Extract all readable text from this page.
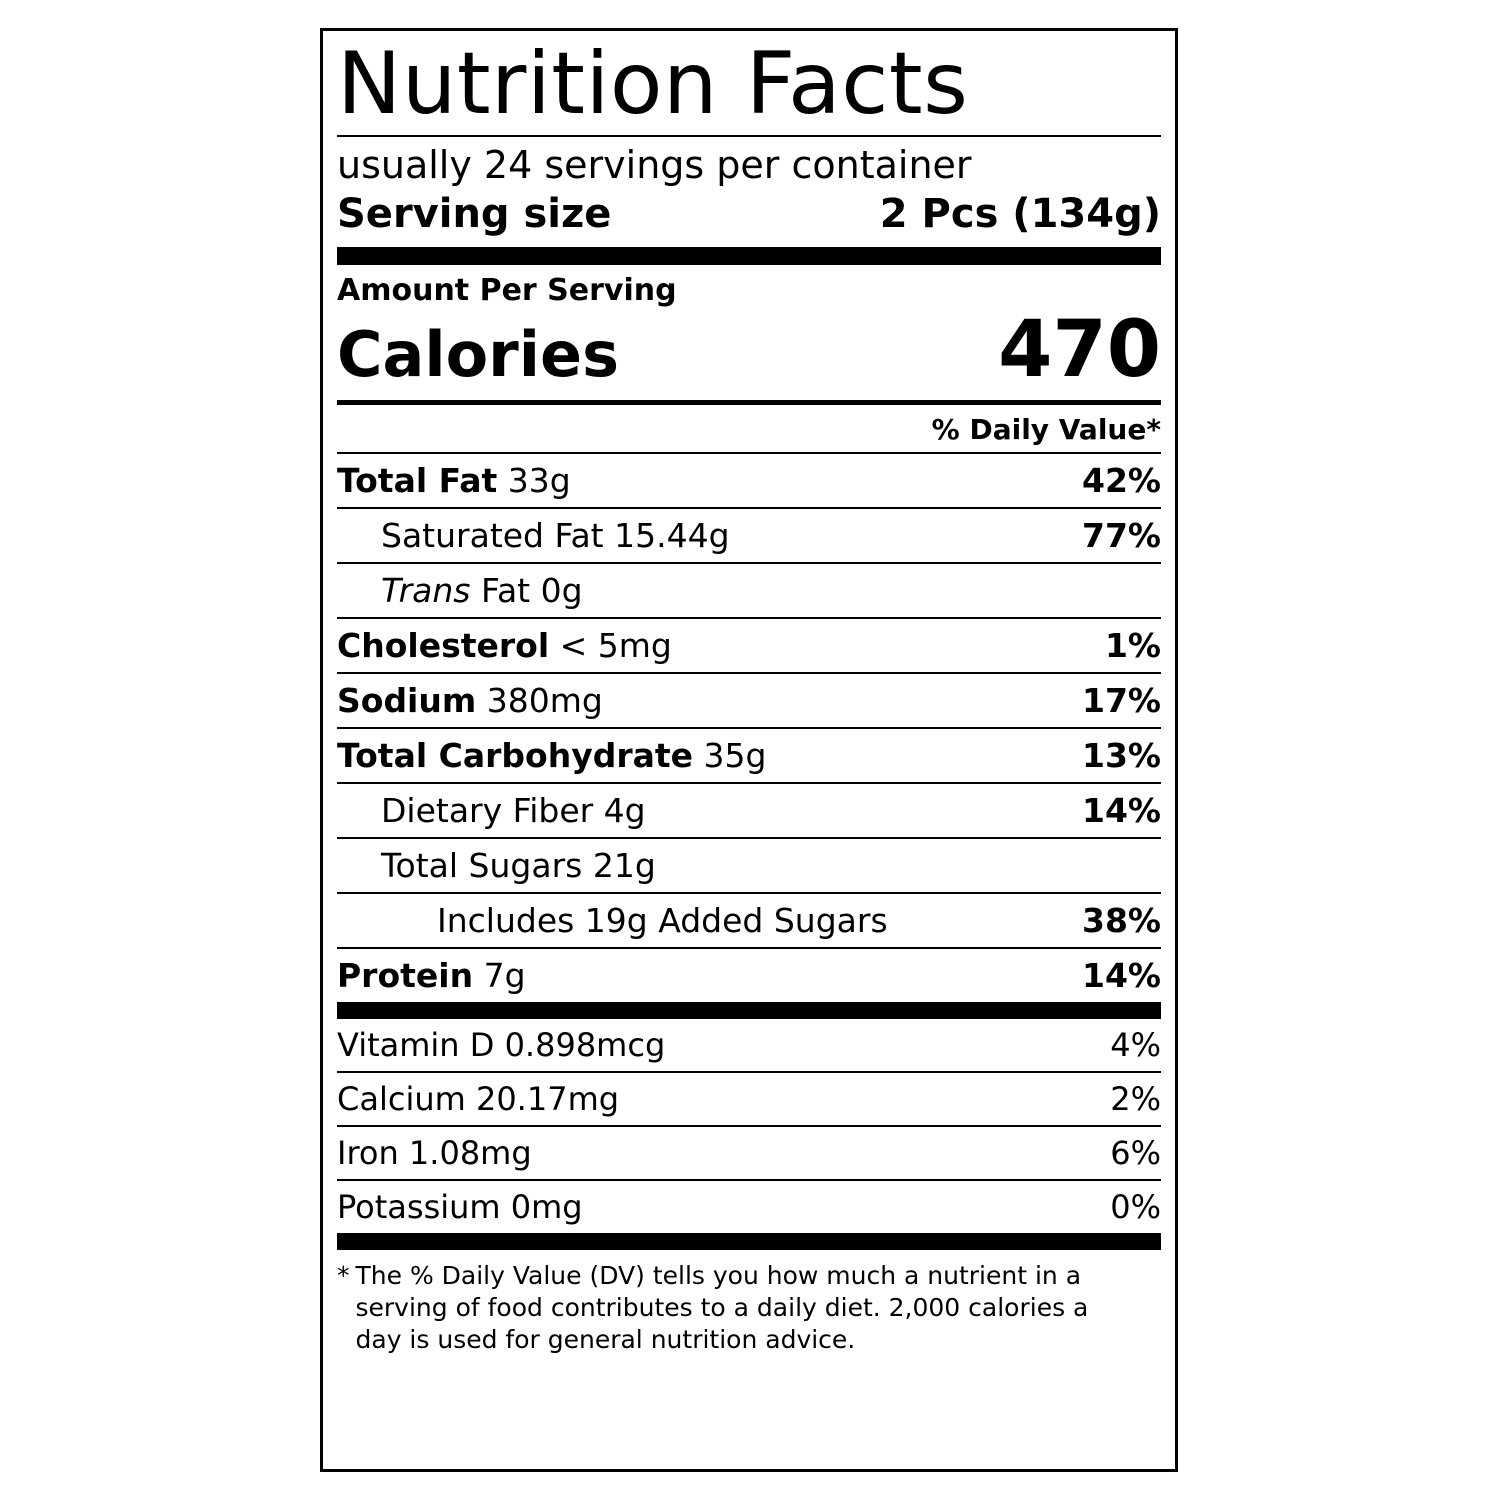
Nutrition Facts
usually 24 servings per container
Serving size	2 Pcs (134g)
Amount Per Serving
Calories	470
% Daily Value*
Total Fat 33g	42%
Saturated Fat 15.44g	77%
Trans Fat 0g
Cholesterol < 5mg	1%
Sodium 380mg	17%
Total Carbohydrate 35g	13%
Dietary Fiber 4g	14%
Total Sugars 21g
Includes 19g Added Sugars	38%
Protein 7g	14%
Vitamin D 0.898mcg	4%
Calcium 20.17mg	2%
Iron 1.08mg	6%
Potassium 0mg	0%
* The % Daily Value (DV) tells you how much a nutrient in a serving of food contributes to a daily diet. 2,000 calories a day is used for general nutrition advice.
